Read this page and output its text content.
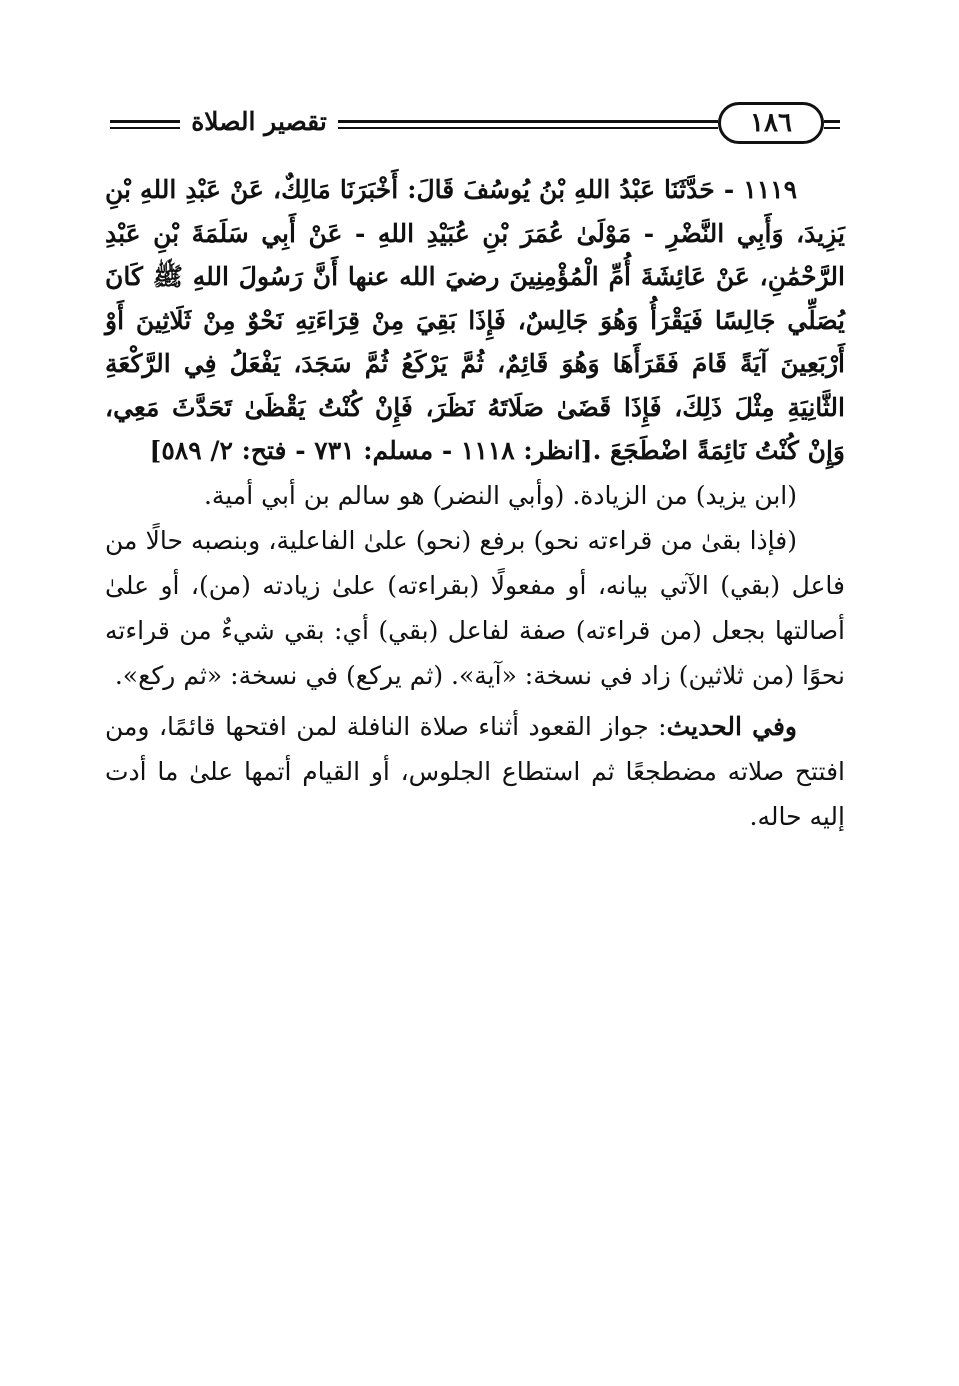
تقصير الصلاة	١٨٦

١١١٩ - حَدَّثَنَا عَبْدُ اللهِ بْنُ يُوسُفَ قَالَ: أَخْبَرَنَا مَالِكٌ، عَنْ عَبْدِ اللهِ بْنِ يَزِيدَ، وَأَبِي النَّضْرِ - مَوْلَىٰ عُمَرَ بْنِ عُبَيْدِ اللهِ - عَنْ أَبِي سَلَمَةَ بْنِ عَبْدِ الرَّحْمَٰنِ، عَنْ عَائِشَةَ أُمِّ الْمُؤْمِنِينَ رضيَ الله عنها أَنَّ رَسُولَ اللهِ ﷺ كَانَ يُصَلِّي جَالِسًا فَيَقْرَأُ وَهُوَ جَالِسٌ، فَإِذَا بَقِيَ مِنْ قِرَاءَتِهِ نَحْوٌ مِنْ ثَلَاثِينَ أَوْ أَرْبَعِينَ آيَةً قَامَ فَقَرَأَهَا وَهُوَ قَائِمٌ، ثُمَّ يَرْكَعُ ثُمَّ سَجَدَ، يَفْعَلُ فِي الرَّكْعَةِ الثَّانِيَةِ مِثْلَ ذَلِكَ، فَإِذَا قَضَىٰ صَلَاتَهُ نَظَرَ، فَإِنْ كُنْتُ يَقْظَىٰ تَحَدَّثَ مَعِي، وَإِنْ كُنْتُ نَائِمَةً اضْطَجَعَ .[انظر: ١١١٨ - مسلم: ٧٣١ - فتح: ٢/ ٥٨٩]

(ابن يزيد) من الزيادة. (وأبي النضر) هو سالم بن أبي أمية.

(فإذا بقىٰ من قراءته نحو) برفع (نحو) علىٰ الفاعلية، وبنصبه حالًا من فاعل (بقي) الآتي بيانه، أو مفعولًا (بقراءته) علىٰ زيادته (من)، أو علىٰ أصالتها بجعل (من قراءته) صفة لفاعل (بقي) أي: بقي شيءٌ من قراءته نحوًا (من ثلاثين) زاد في نسخة: «آية». (ثم يركع) في نسخة: «ثم ركع».

وفي الحديث: جواز القعود أثناء صلاة النافلة لمن افتحها قائمًا، ومن افتتح صلاته مضطجعًا ثم استطاع الجلوس، أو القيام أتمها علىٰ ما أدت إليه حاله.
